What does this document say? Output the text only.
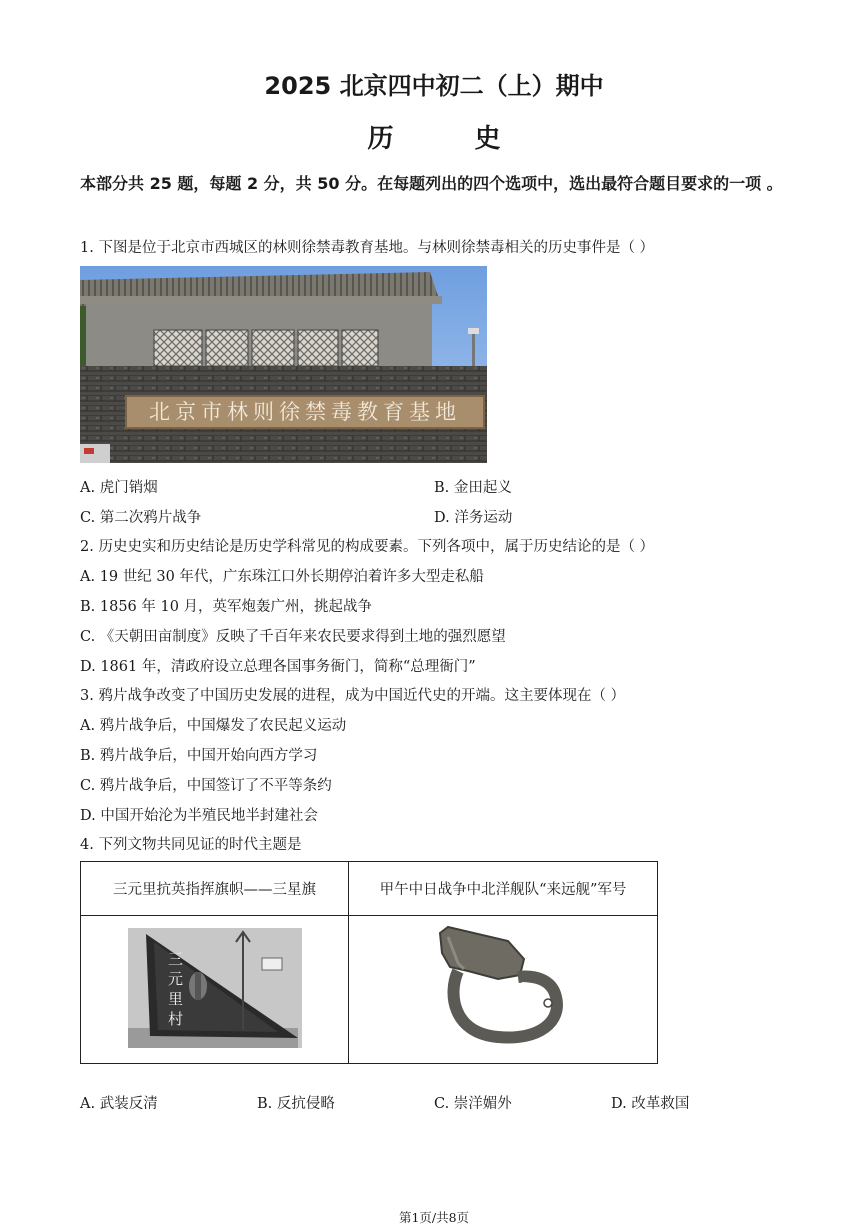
2025 北京四中初二（上）期中
历 史
本部分共 25 题，每题 2 分，共 50 分。在每题列出的四个选项中，选出最符合题目要求的一项 。
1. 下图是位于北京市西城区的林则徐禁毒教育基地。与林则徐禁毒相关的历史事件是（ ）
北京市林则徐禁毒教育基地
A. 虎门销烟	B. 金田起义
C. 第二次鸦片战争	D. 洋务运动
2. 历史史实和历史结论是历史学科常见的构成要素。下列各项中，属于历史结论的是（ ）
A. 19 世纪 30 年代，广东珠江口外长期停泊着许多大型走私船
B. 1856 年 10 月，英军炮轰广州，挑起战争
C. 《天朝田亩制度》反映了千百年来农民要求得到土地的强烈愿望
D. 1861 年，清政府设立总理各国事务衙门，简称“总理衙门”
3. 鸦片战争改变了中国历史发展的进程，成为中国近代史的开端。这主要体现在（ ）
A. 鸦片战争后，中国爆发了农民起义运动
B. 鸦片战争后，中国开始向西方学习
C. 鸦片战争后，中国签订了不平等条约
D. 中国开始沦为半殖民地半封建社会
4. 下列文物共同见证的时代主题是
三元里抗英指挥旗帜——三星旗	甲午中日战争中北洋舰队“来远舰”军号

三
元
里
村

A. 武装反清	B. 反抗侵略	C. 崇洋媚外	D. 改革救国
第1页/共8页
